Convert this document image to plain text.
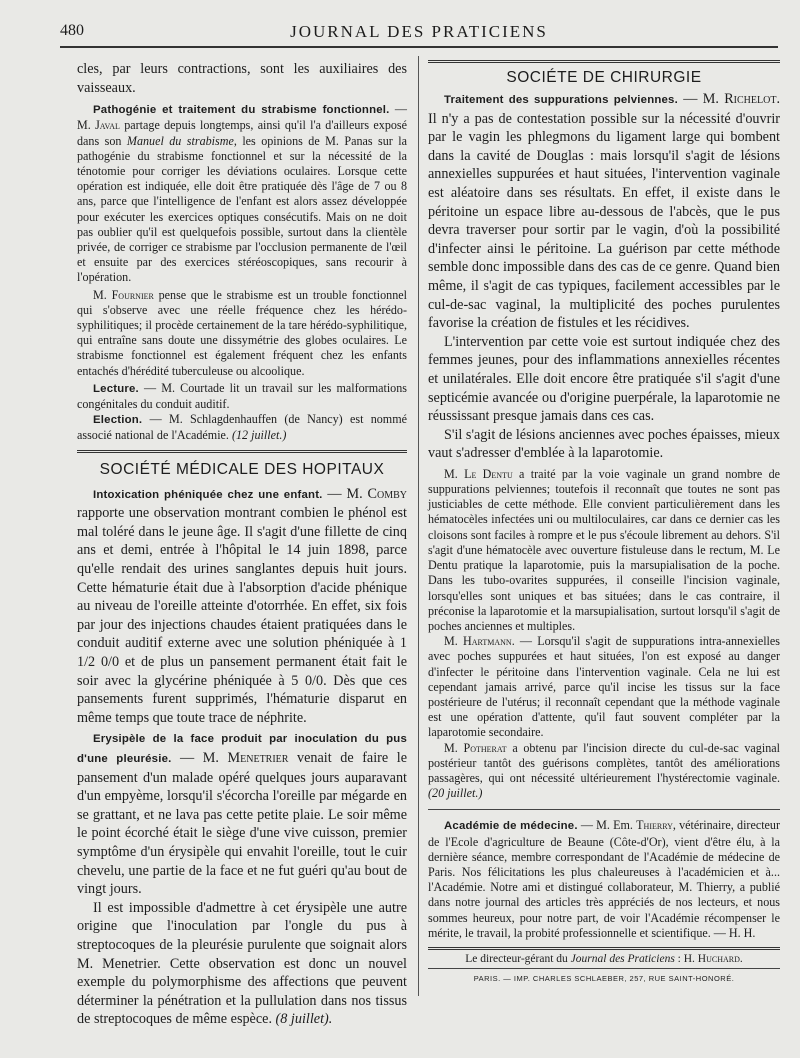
480	JOURNAL DES PRATICIENS

cles, par leurs contractions, sont les auxiliaires des vaisseaux.

Pathogénie et traitement du strabisme fonctionnel. — M. Javal partage depuis longtemps, ainsi qu'il l'a d'ailleurs exposé dans son Manuel du strabisme, les opinions de M. Panas sur la pathogénie du strabisme fonctionnel et sur la nécessité de la ténotomie pour corriger les déviations oculaires. Lorsque cette opération est indiquée, elle doit être pratiquée dès l'âge de 7 ou 8 ans, parce que l'intelligence de l'enfant est alors assez développée pour exécuter les exercices optiques consécutifs. Mais on ne doit pas oublier qu'il est quelquefois possible, surtout dans la clientèle privée, de corriger ce strabisme par l'occlusion permanente de l'œil et ensuite par des exercices stéréoscopiques, sans recourir à l'opération.

M. Fournier pense que le strabisme est un trouble fonctionnel qui s'observe avec une réelle fréquence chez les hérédo-syphilitiques; il procède certainement de la tare hérédo-syphilitique, qui entraîne sans doute une dissymétrie des globes oculaires. Le strabisme fonctionnel est également fréquent chez les enfants entachés d'hérédité tuberculeuse ou alcoolique.

Lecture. — M. Courtade lit un travail sur les malformations congénitales du conduit auditif.

Election. — M. Schlagdenhauffen (de Nancy) est nommé associé national de l'Académie. (12 juillet.)

SOCIÉTÉ MÉDICALE DES HOPITAUX

Intoxication phéniquée chez une enfant. — M. Comby rapporte une observation montrant combien le phénol est mal toléré dans le jeune âge. Il s'agit d'une fillette de cinq ans et demi, entrée à l'hôpital le 14 juin 1898, parce qu'elle rendait des urines sanglantes depuis huit jours. Cette hématurie était due à l'absorption d'acide phénique au niveau de l'oreille atteinte d'otorrhée. En effet, six fois par jour des injections chaudes étaient pratiquées dans le conduit auditif externe avec une solution phéniquée à 1 1/2 0/0 et de plus un pansement permanent était fait le soir avec la glycérine phéniquée à 5 0/0. Dès que ces pansements furent supprimés, l'hématurie disparut en même temps que toute trace de néphrite.

Erysipèle de la face produit par inoculation du pus d'une pleurésie. — M. Menetrier venait de faire le pansement d'un malade opéré quelques jours auparavant d'un empyème, lorsqu'il s'écorcha l'oreille par mégarde en se grattant, et ne lava pas cette petite plaie. Le soir même le point écorché était le siège d'une vive cuisson, premier symptôme d'un érysipèle qui envahit l'oreille, tout le cuir chevelu, une partie de la face et ne fut guéri qu'au bout de vingt jours.

Il est impossible d'admettre à cet érysipèle une autre origine que l'inoculation par l'ongle du pus à streptocoques de la pleurésie purulente que soignait alors M. Menetrier. Cette observation est donc un nouvel exemple du polymorphisme des affections que peuvent déterminer la pénétration et la pullulation dans nos tissus de streptocoques de même espèce. (8 juillet).

SOCIÉTE DE CHIRURGIE

Traitement des suppurations pelviennes. — M. Richelot. Il n'y a pas de contestation possible sur la nécessité d'ouvrir par le vagin les phlegmons du ligament large qui bombent dans la cavité de Douglas : mais lorsqu'il s'agit de lésions annexielles suppurées et haut situées, l'intervention vaginale est aléatoire dans ses résultats. En effet, il existe dans le péritoine un espace libre au-dessous de l'abcès, que le pus devra traverser pour sortir par le vagin, d'où la possibilité d'infecter ainsi le péritoine. La guérison par cette méthode semble donc impossible dans des cas de ce genre. Quand bien même, il s'agit de cas typiques, facilement accessibles par le cul-de-sac vaginal, la multiplicité des poches purulentes favorise la création de fistules et les récidives.

L'intervention par cette voie est surtout indiquée chez des femmes jeunes, pour des inflammations annexielles récentes et unilatérales. Elle doit encore être pratiquée s'il s'agit d'une septicémie avancée ou d'origine puerpérale, la laparotomie ne réussissant presque jamais dans ces cas.

S'il s'agit de lésions anciennes avec poches épaisses, mieux vaut s'adresser d'emblée à la laparotomie.

M. Le Dentu a traité par la voie vaginale un grand nombre de suppurations pelviennes; toutefois il reconnaît que toutes ne sont pas justiciables de cette méthode. Elle convient particulièrement dans les hématocèles infectées uni ou multiloculaires, car dans ce dernier cas les cloisons sont faciles à rompre et le pus s'écoule librement au dehors. S'il s'agit d'une hématocèle avec ouverture fistuleuse dans le rectum, M. Le Dentu pratique la laparotomie, puis la marsupialisation de la poche. Dans les tubo-ovarites suppurées, il conseille l'incision vaginale, lorsqu'elles sont uniques et bas situées; dans le cas contraire, il préconise la laparotomie et la marsupialisation, surtout lorsqu'il s'agit de poches anciennes et multiples.

M. Hartmann. — Lorsqu'il s'agit de suppurations intra-annexielles avec poches suppurées et haut situées, l'on est exposé au danger d'infecter le péritoine dans l'intervention vaginale. Cela ne lui est cependant jamais arrivé, parce qu'il incise les tissus sur la face postérieure de l'utérus; il reconnaît cependant que la méthode vaginale est une opération d'attente, qu'il faut souvent compléter par la laparotomie secondaire.

M. Potherat a obtenu par l'incision directe du cul-de-sac vaginal postérieur tantôt des guérisons complètes, tantôt des améliorations passagères, qui ont nécessité ultérieurement l'hystérectomie vaginale. (20 juillet.)

Académie de médecine. — M. Em. Thierry, vétérinaire, directeur de l'Ecole d'agriculture de Beaune (Côte-d'Or), vient d'être élu, à la dernière séance, membre correspondant de l'Académie de médecine de Paris. Nos félicitations les plus chaleureuses à l'académicien et à... l'Académie. Notre ami et distingué collaborateur, M. Thierry, a publié dans notre journal des articles très appréciés de nos lecteurs, et nous sommes heureux, pour notre part, de voir l'Académie récompenser le mérite, le travail, la probité professionnelle et scientifique. — H. H.

Le directeur-gérant du Journal des Praticiens : H. Huchard.

PARIS. — IMP. CHARLES SCHLAEBER, 257, RUE SAINT-HONORÉ.
